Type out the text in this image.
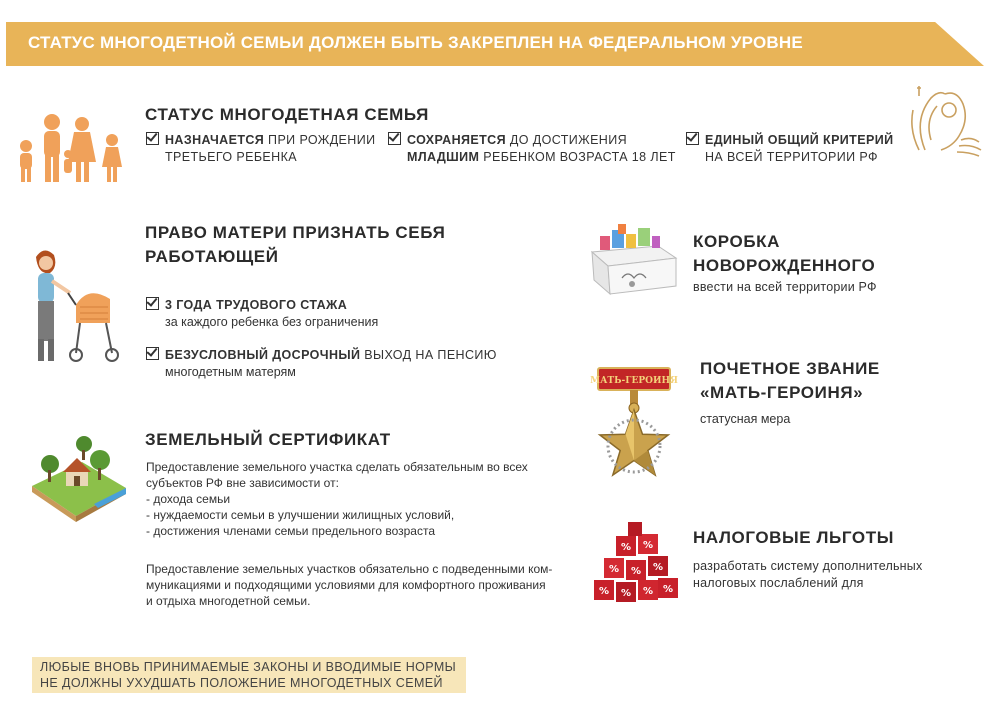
СТАТУС МНОГОДЕТНОЙ СЕМЬИ ДОЛЖЕН БЫТЬ ЗАКРЕПЛЕН НА ФЕДЕРАЛЬНОМ УРОВНЕ
СТАТУС МНОГОДЕТНАЯ СЕМЬЯ
НАЗНАЧАЕТСЯ ПРИ РОЖДЕНИИ
ТРЕТЬЕГО РЕБЕНКА
СОХРАНЯЕТСЯ ДО ДОСТИЖЕНИЯ
МЛАДШИМ РЕБЕНКОМ ВОЗРАСТА 18 ЛЕТ
ЕДИНЫЙ ОБЩИЙ КРИТЕРИЙ
НА ВСЕЙ ТЕРРИТОРИИ РФ
ПРАВО МАТЕРИ ПРИЗНАТЬ СЕБЯ
РАБОТАЮЩЕЙ
3 ГОДА ТРУДОВОГО СТАЖА
за каждого ребенка без ограничения
БЕЗУСЛОВНЫЙ ДОСРОЧНЫЙ ВЫХОД НА ПЕНСИЮ
многодетным матерям
ЗЕМЕЛЬНЫЙ СЕРТИФИКАТ
Предоставление земельного участка сделать обязательным во всех
субъектов РФ вне зависимости от:
- дохода семьи
- нуждаемости семьи в улучшении жилищных условий,
- достижения членами семьи предельного возраста
Предоставление земельных участков обязательно с подведенными ком-
муникациями и подходящими условиями для комфортного проживания
и отдыха многодетной семьи.
КОРОБКА
НОВОРОЖДЕННОГО
ввести на всей территории РФ
МАТЬ-ГЕРОИНЯ
ПОЧЕТНОЕ ЗВАНИЕ
«МАТЬ-ГЕРОИНЯ»
статусная мера
% % % %
% % %
% % НАЛОГОВЫЕ ЛЬГОТЫ
разработать систему дополнительных
налоговых послаблений для
ЛЮБЫЕ ВНОВЬ ПРИНИМАЕМЫЕ ЗАКОНЫ И ВВОДИМЫЕ НОРМЫ
НЕ ДОЛЖНЫ УХУДШАТЬ ПОЛОЖЕНИЕ МНОГОДЕТНЫХ СЕМЕЙ
